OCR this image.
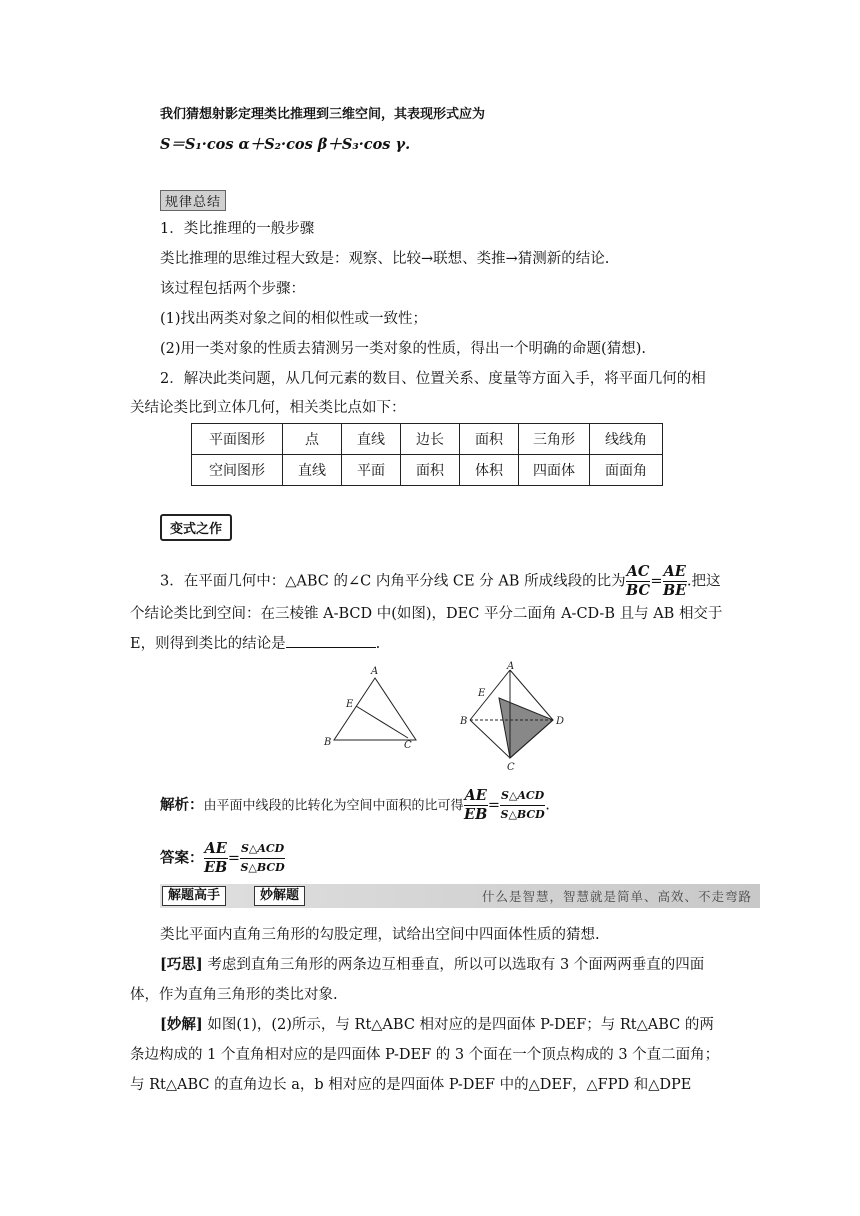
我们猜想射影定理类比推理到三维空间，其表现形式应为
S＝S₁·cos α＋S₂·cos β＋S₃·cos γ.
规律总结
1．类比推理的一般步骤
类比推理的思维过程大致是：观察、比较→联想、类推→猜测新的结论.
该过程包括两个步骤：
(1)找出两类对象之间的相似性或一致性；
(2)用一类对象的性质去猜测另一类对象的性质，得出一个明确的命题(猜想).
2．解决此类问题，从几何元素的数目、位置关系、度量等方面入手，将平面几何的相
关结论类比到立体几何，相关类比点如下：
平面图形	点	直线	边长	面积	三角形	线线角
空间图形	直线	平面	面积	体积	四面体	面面角
变式之作
3．在平面几何中：△ABC 的∠C 内角平分线 CE 分 AB 所成线段的比为 $\frac{AC}{BC} = \frac{AE}{BE}$ .把这
个结论类比到空间：在三棱锥 A-BCD 中(如图)，DEC 平分二面角 A-CD-B 且与 AB 相交于
E，则得到类比的结论是	.
A
E
B	C
A
E
B
C
D
解析：由平面中线段的比转化为空间中面积的比可得 $\frac{AE}{EB} = \frac{\text{S△ACD}}{\text{S△BCD}}$ .
答案： $\frac{AE}{EB} = \frac{\text{S△ACD}}{\text{S△BCD}}$
解题高手	妙解题	什么是智慧，智慧就是简单、高效、不走弯路
类比平面内直角三角形的勾股定理，试给出空间中四面体性质的猜想.
[巧思] 考虑到直角三角形的两条边互相垂直，所以可以选取有 3 个面两两垂直的四面
体，作为直角三角形的类比对象.
[妙解] 如图(1)，(2)所示，与 Rt△ABC 相对应的是四面体 P-DEF；与 Rt△ABC 的两
条边构成的 1 个直角相对应的是四面体 P-DEF 的 3 个面在一个顶点构成的 3 个直二面角；
与 Rt△ABC 的直角边长 a，b 相对应的是四面体 P-DEF 中的△DEF，△FPD 和△DPE
